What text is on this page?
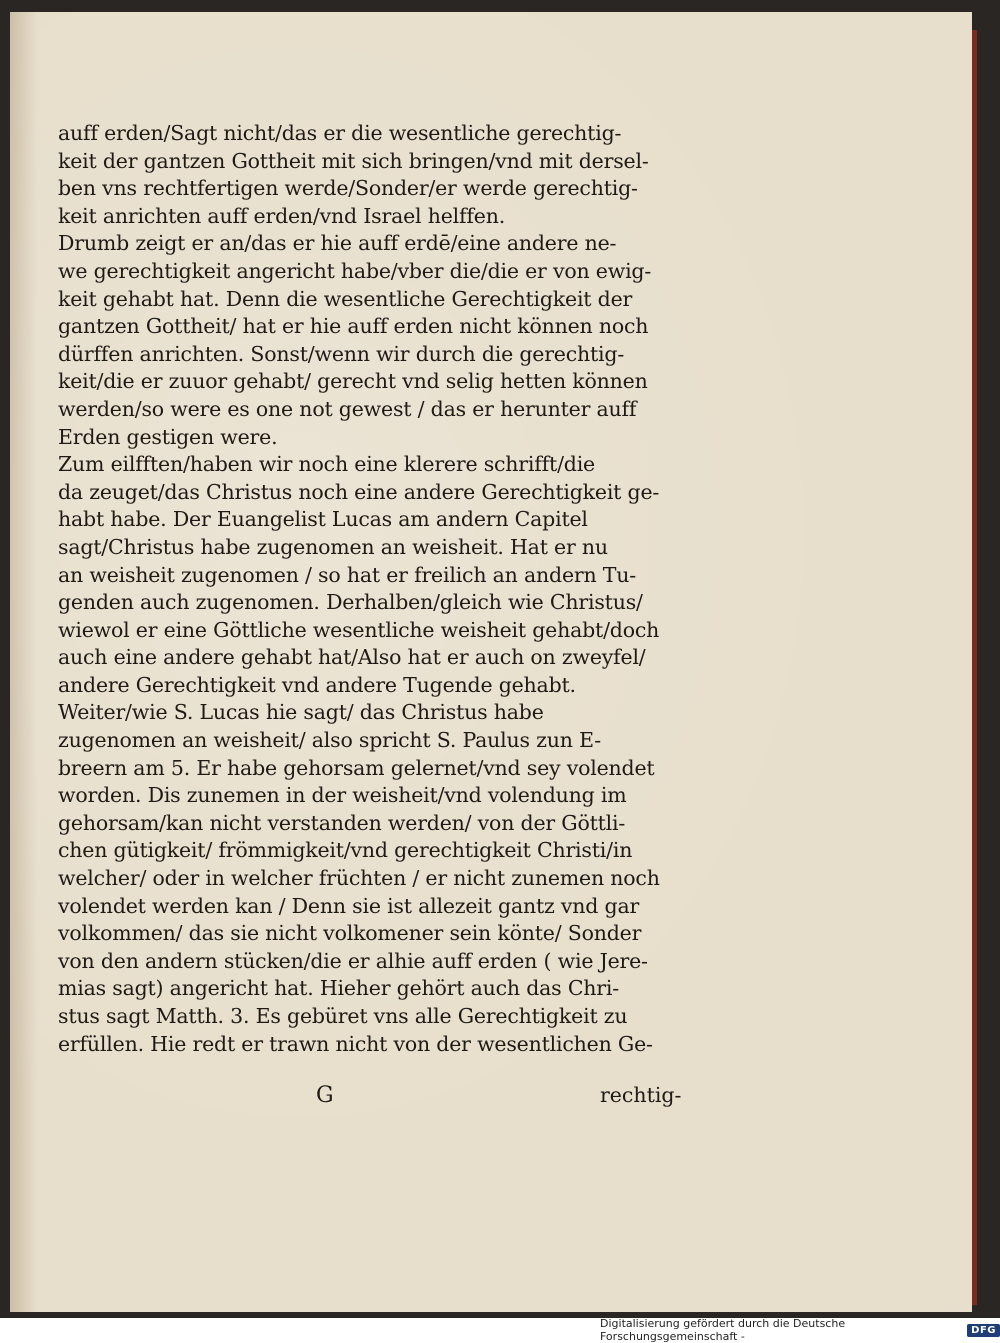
auff erden/Sagt nicht/das er die wesentliche gerechtig-
keit der gantzen Gottheit mit sich bringen/vnd mit dersel-
ben vns rechtfertigen werde/Sonder/er werde gerechtig-
keit anrichten auff erden/vnd Israel helffen.
Drumb zeigt er an/das er hie auff erdē/eine andere ne-
we gerechtigkeit angericht habe/vber die/die er von ewig-
keit gehabt hat. Denn die wesentliche Gerechtigkeit der
gantzen Gottheit/ hat er hie auff erden nicht können noch
dürffen anrichten. Sonst/wenn wir durch die gerechtig-
keit/die er zuuor gehabt/ gerecht vnd selig hetten können
werden/so were es one not gewest / das er herunter auff
Erden gestigen were.
Zum eilfften/haben wir noch eine klerere schrifft/die
da zeuget/das Christus noch eine andere Gerechtigkeit ge-
habt habe. Der Euangelist Lucas am andern Capitel
sagt/Christus habe zugenomen an weisheit. Hat er nu
an weisheit zugenomen / so hat er freilich an andern Tu-
genden auch zugenomen. Derhalben/gleich wie Christus/
wiewol er eine Göttliche wesentliche weisheit gehabt/doch
auch eine andere gehabt hat/Also hat er auch on zweyfel/
andere Gerechtigkeit vnd andere Tugende gehabt.
Weiter/wie S. Lucas hie sagt/ das Christus habe
zugenomen an weisheit/ also spricht S. Paulus zun E-
breern am 5. Er habe gehorsam gelernet/vnd sey volendet
worden. Dis zunemen in der weisheit/vnd volendung im
gehorsam/kan nicht verstanden werden/ von der Göttli-
chen gütigkeit/ frömmigkeit/vnd gerechtigkeit Christi/in
welcher/ oder in welcher früchten / er nicht zunemen noch
volendet werden kan / Denn sie ist allezeit gantz vnd gar
volkommen/ das sie nicht volkomener sein könte/ Sonder
von den andern stücken/die er alhie auff erden ( wie Jere-
mias sagt) angericht hat. Hieher gehört auch das Chri-
stus sagt Matth. 3. Es gebüret vns alle Gerechtigkeit zu
erfüllen. Hie redt er trawn nicht von der wesentlichen Ge-
G	rechtig-
Digitalisierung gefördert durch die Deutsche Forschungsgemeinschaft -	DFG
